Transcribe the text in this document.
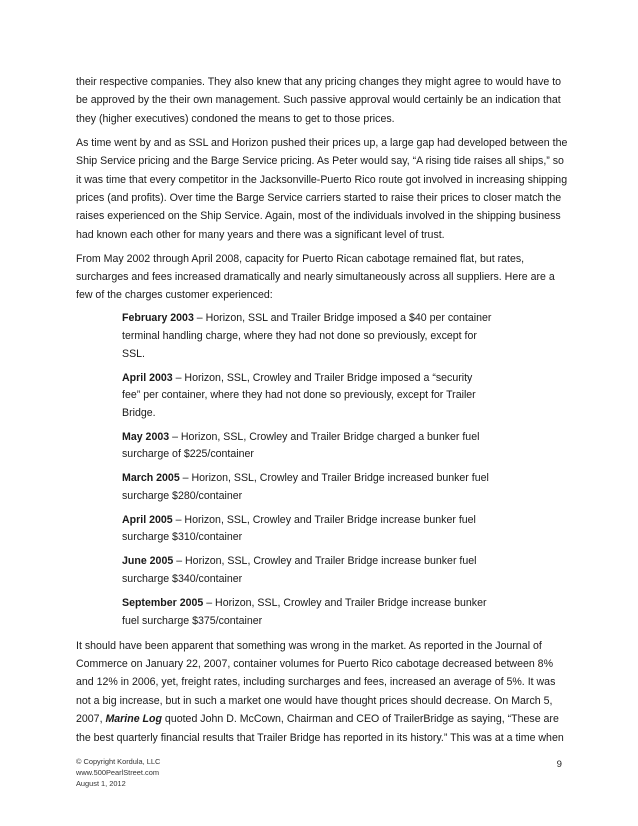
their respective companies. They also knew that any pricing changes they might agree to would have to be approved by the their own management. Such passive approval would certainly be an indication that they (higher executives) condoned the means to get to those prices.

As time went by and as SSL and Horizon pushed their prices up, a large gap had developed between the Ship Service pricing and the Barge Service pricing. As Peter would say, “A rising tide raises all ships,” so it was time that every competitor in the Jacksonville-Puerto Rico route got involved in increasing shipping prices (and profits). Over time the Barge Service carriers started to raise their prices to closer match the raises experienced on the Ship Service. Again, most of the individuals involved in the shipping business had known each other for many years and there was a significant level of trust.

From May 2002 through April 2008, capacity for Puerto Rican cabotage remained flat, but rates, surcharges and fees increased dramatically and nearly simultaneously across all suppliers. Here are a few of the charges customer experienced:

February 2003 – Horizon, SSL and Trailer Bridge imposed a $40 per container terminal handling charge, where they had not done so previously, except for SSL.
April 2003 – Horizon, SSL, Crowley and Trailer Bridge imposed a “security fee” per container, where they had not done so previously, except for Trailer Bridge.
May 2003 – Horizon, SSL, Crowley and Trailer Bridge charged a bunker fuel surcharge of $225/container
March 2005 – Horizon, SSL, Crowley and Trailer Bridge increased bunker fuel surcharge $280/container
April 2005 – Horizon, SSL, Crowley and Trailer Bridge increase bunker fuel surcharge $310/container
June 2005 – Horizon, SSL, Crowley and Trailer Bridge increase bunker fuel surcharge $340/container
September 2005 – Horizon, SSL, Crowley and Trailer Bridge increase bunker fuel surcharge $375/container

It should have been apparent that something was wrong in the market. As reported in the Journal of Commerce on January 22, 2007, container volumes for Puerto Rico cabotage decreased between 8% and 12% in 2006, yet, freight rates, including surcharges and fees, increased an average of 5%. It was not a big increase, but in such a market one would have thought prices should decrease. On March 5, 2007, Marine Log quoted John D. McCown, Chairman and CEO of TrailerBridge as saying, “These are the best quarterly financial results that Trailer Bridge has reported in its history.” This was at a time when

© Copyright Kordula, LLC
www.500PearlStreet.com
August 1, 2012
9
